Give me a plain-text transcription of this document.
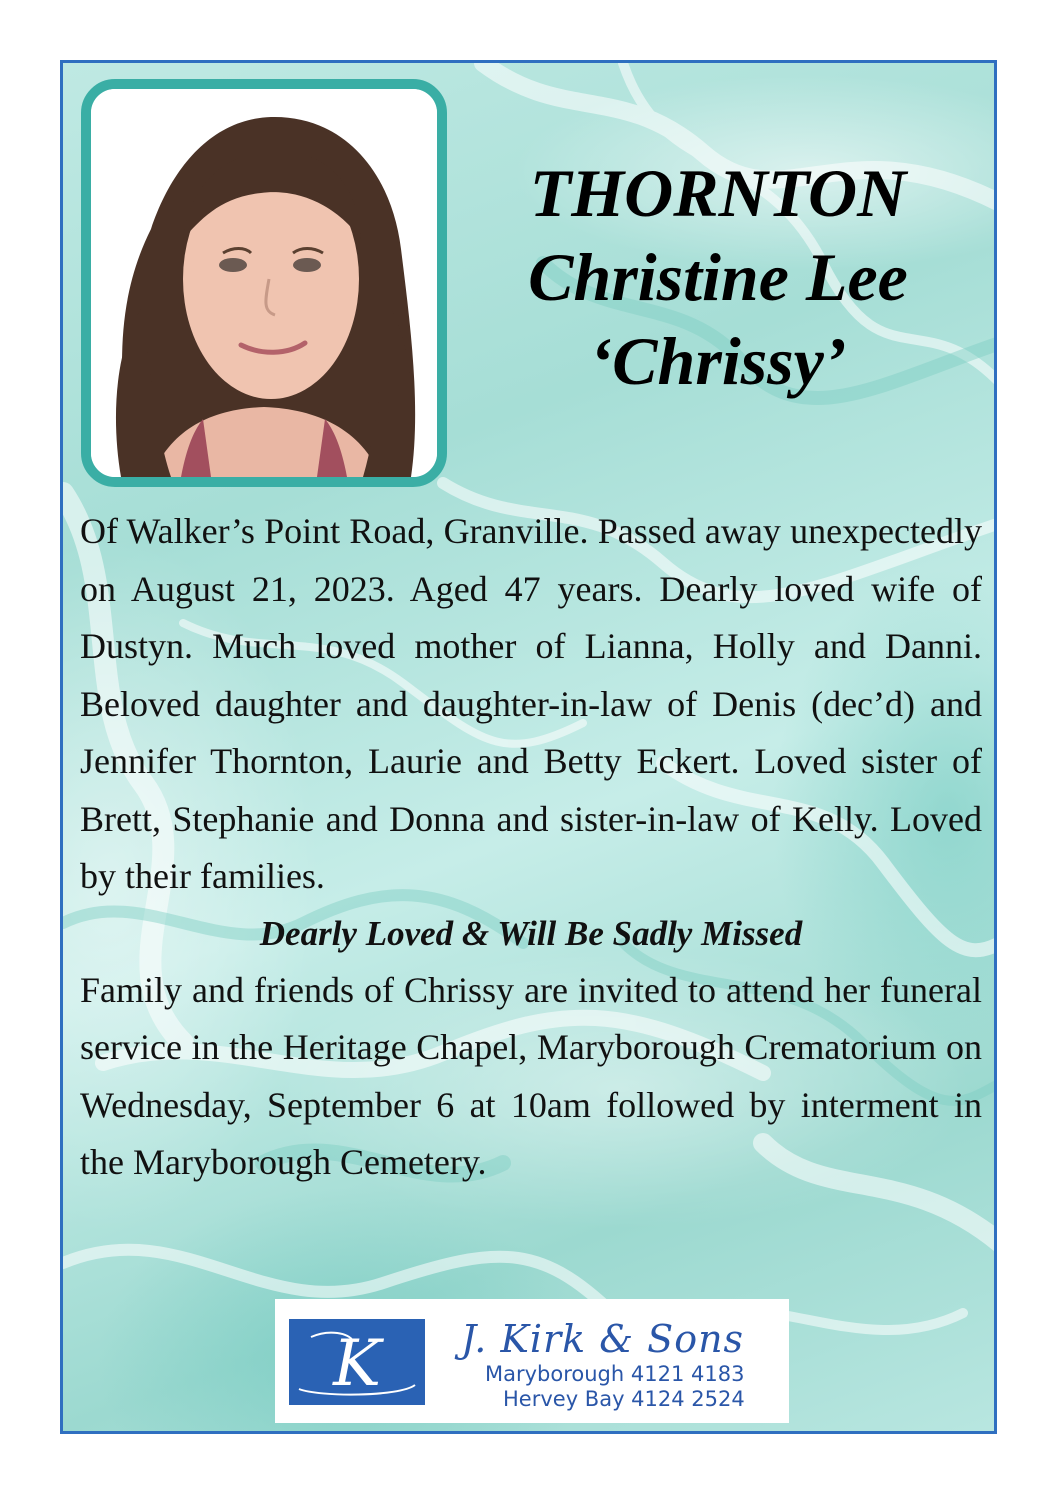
THORNTON
Christine Lee
‘Chrissy’

Of Walker’s Point Road, Granville. Passed away unexpectedly on August 21, 2023. Aged 47 years. Dearly loved wife of Dustyn. Much loved mother of Lianna, Holly and Danni. Beloved daughter and daughter-in-law of Denis (dec’d) and Jennifer Thornton, Laurie and Betty Eckert. Loved sister of Brett, Stephanie and Donna and sister-in-law of Kelly. Loved by their families.

Dearly Loved & Will Be Sadly Missed

Family and friends of Chrissy are invited to attend her funeral service in the Heritage Chapel, Maryborough Crematorium on Wednesday, September 6 at 10am followed by interment in the Maryborough Cemetery.

K J. Kirk & Sons
Maryborough 4121 4183
Hervey Bay 4124 2524
